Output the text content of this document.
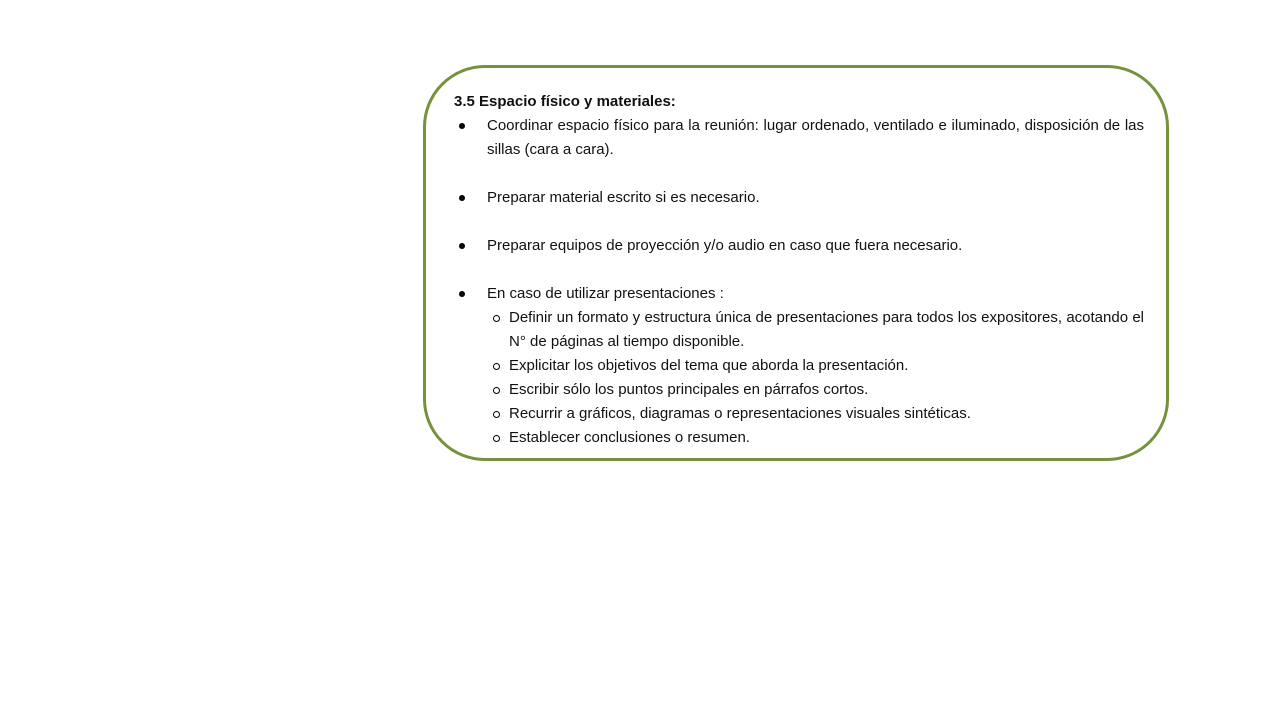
3.5 Espacio físico y materiales:

Coordinar espacio físico para la reunión: lugar ordenado, ventilado e iluminado, disposición de las sillas (cara a cara).
Preparar material escrito si es necesario.
Preparar equipos de proyección y/o audio en caso que fuera necesario.
En caso de utilizar presentaciones :
Definir un formato y estructura única de presentaciones para todos los expositores, acotando el N° de páginas al tiempo disponible.
Explicitar los objetivos del tema que aborda la presentación.
Escribir sólo los puntos principales en párrafos cortos.
Recurrir a gráficos, diagramas o representaciones visuales sintéticas.
Establecer conclusiones o resumen.
